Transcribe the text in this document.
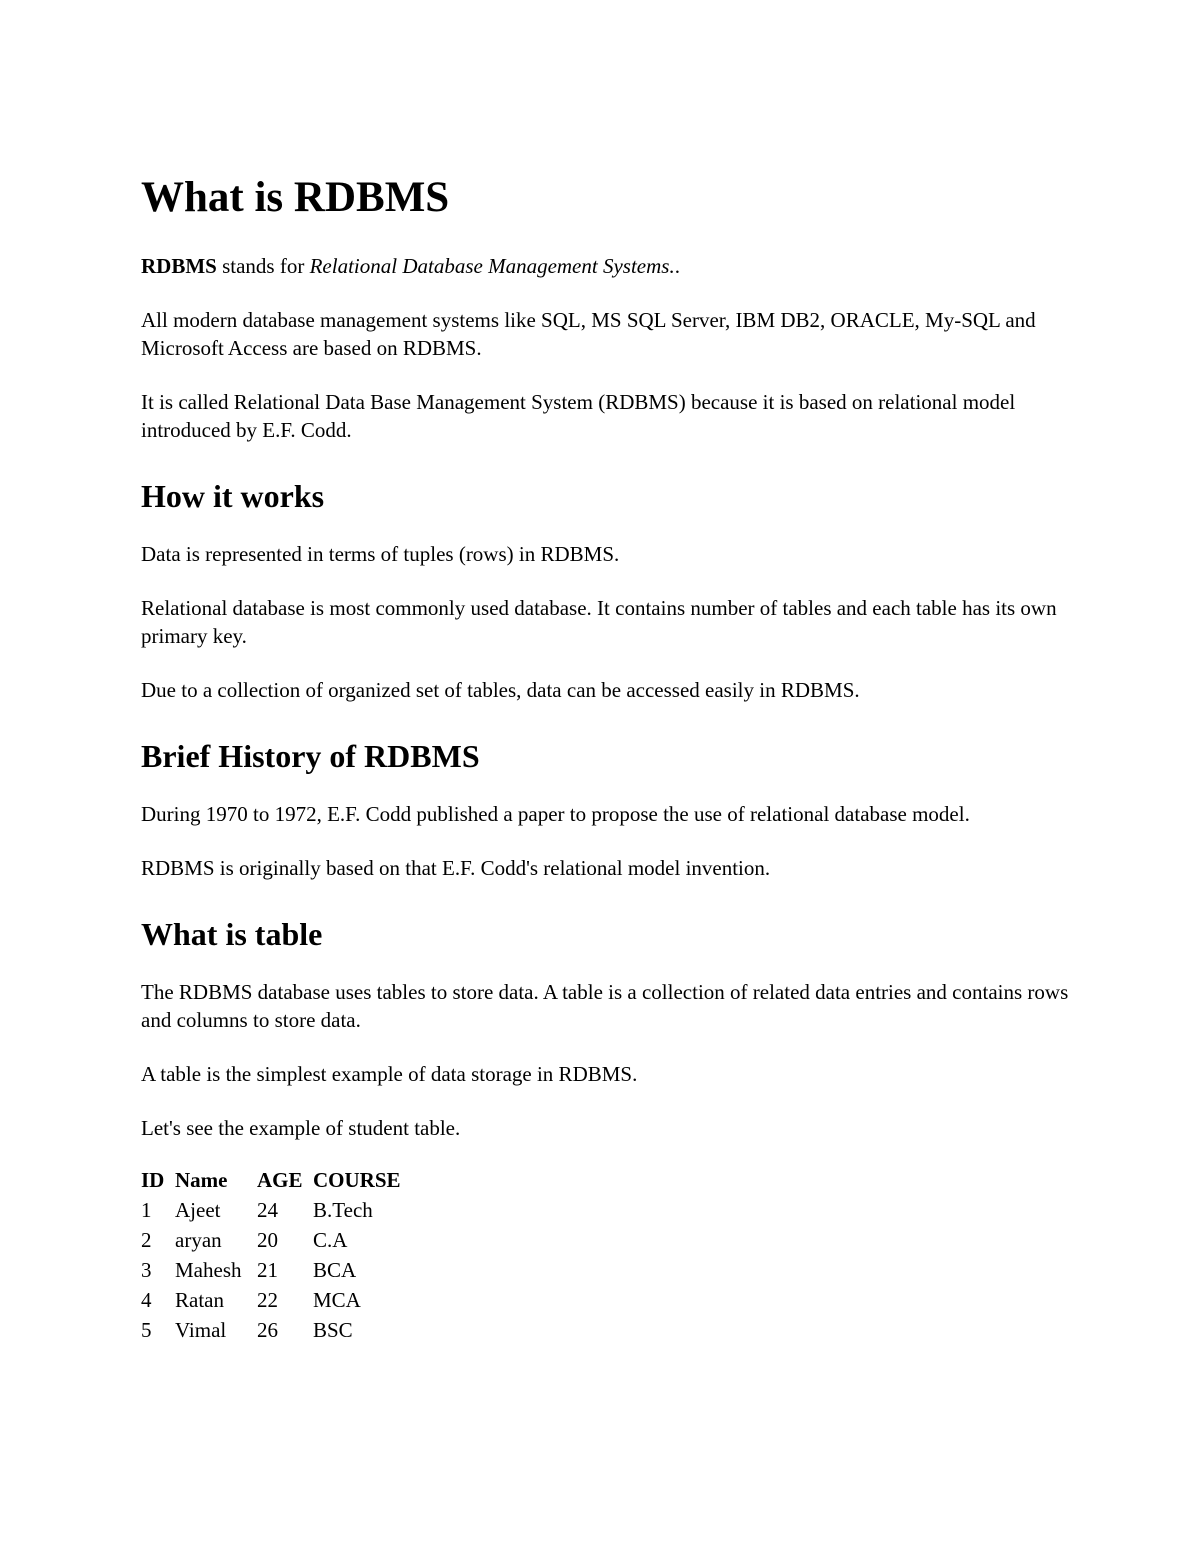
What is RDBMS

RDBMS stands for Relational Database Management Systems..

All modern database management systems like SQL, MS SQL Server, IBM DB2, ORACLE, My-SQL and Microsoft Access are based on RDBMS.

It is called Relational Data Base Management System (RDBMS) because it is based on relational model introduced by E.F. Codd.

How it works

Data is represented in terms of tuples (rows) in RDBMS.

Relational database is most commonly used database. It contains number of tables and each table has its own primary key.

Due to a collection of organized set of tables, data can be accessed easily in RDBMS.

Brief History of RDBMS

During 1970 to 1972, E.F. Codd published a paper to propose the use of relational database model.

RDBMS is originally based on that E.F. Codd's relational model invention.

What is table

The RDBMS database uses tables to store data. A table is a collection of related data entries and contains rows and columns to store data.

A table is the simplest example of data storage in RDBMS.

Let's see the example of student table.

ID	Name	AGE	COURSE
1	Ajeet	24	B.Tech
2	aryan	20	C.A
3	Mahesh	21	BCA
4	Ratan	22	MCA
5	Vimal	26	BSC
